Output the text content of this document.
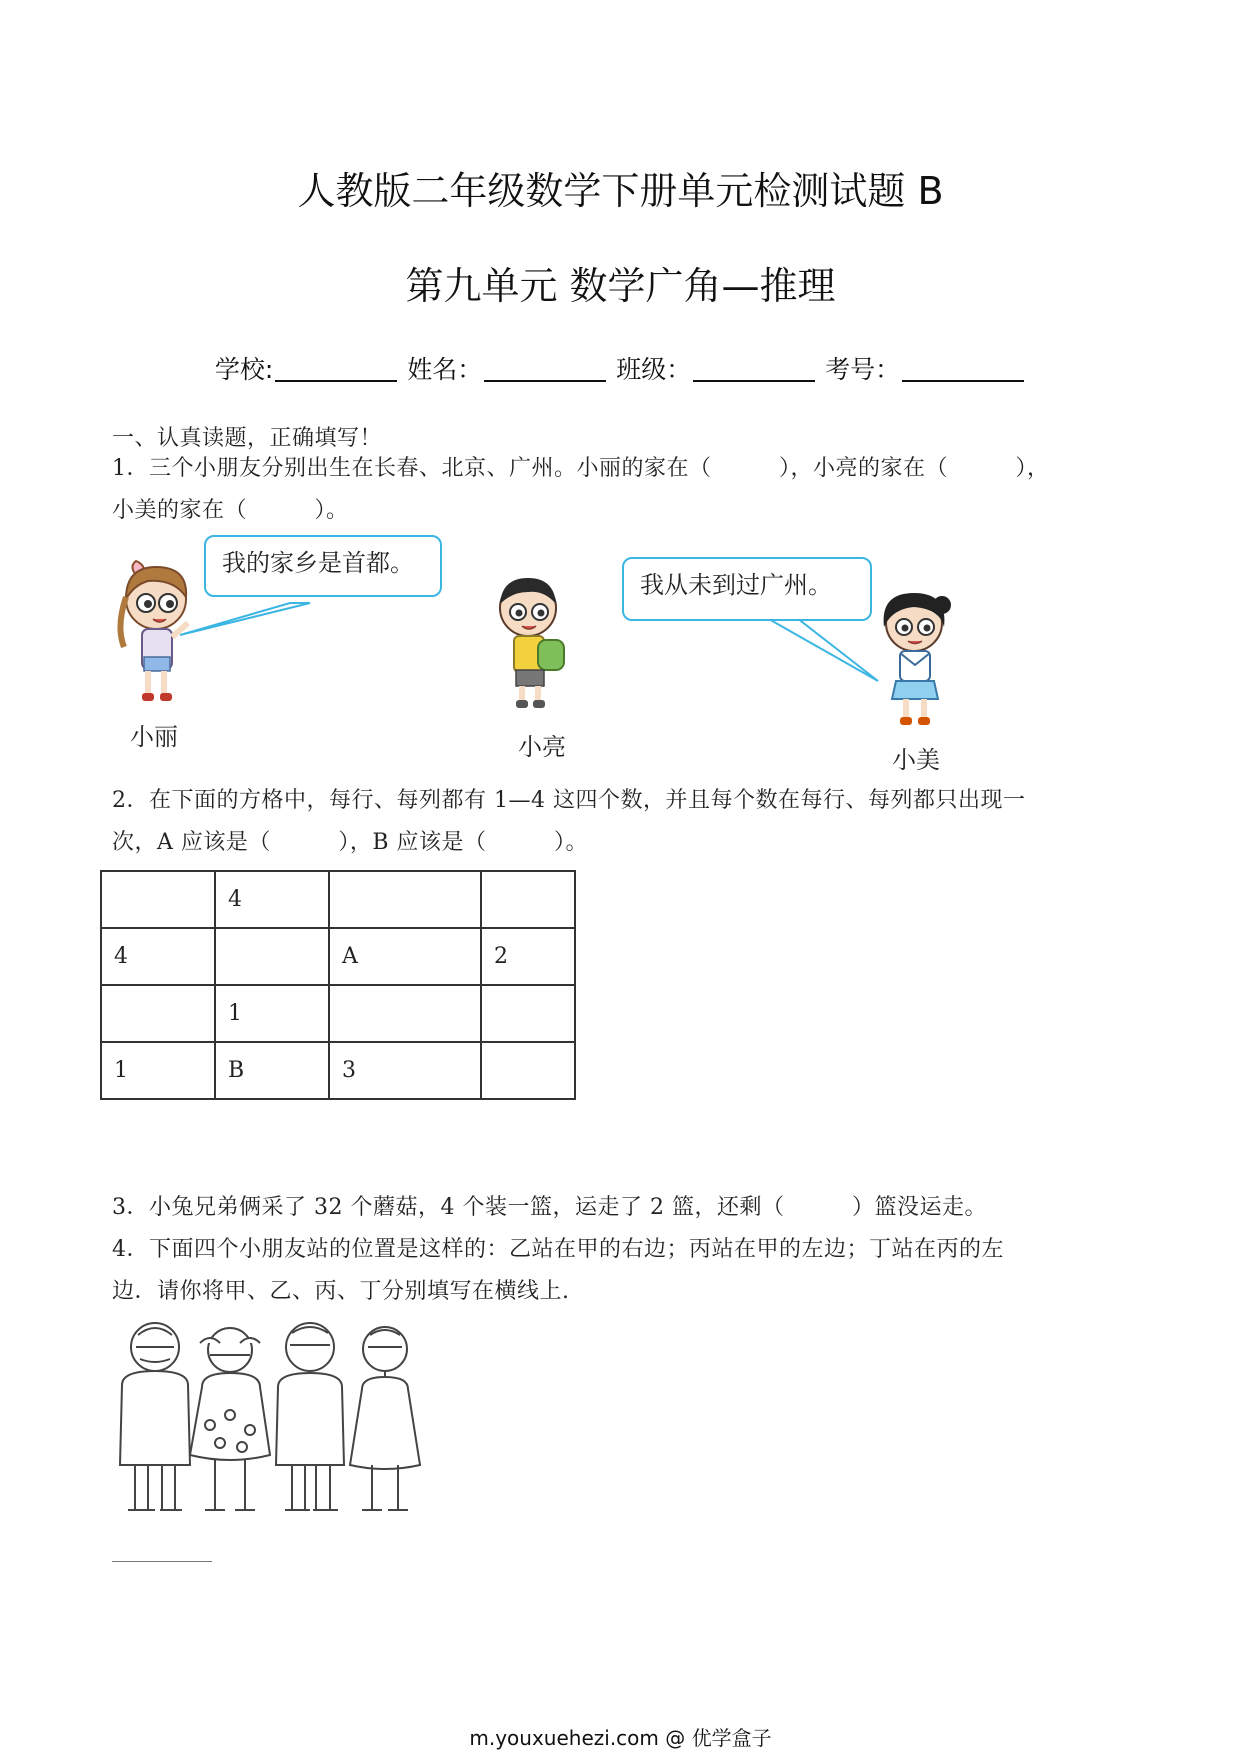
人教版二年级数学下册单元检测试题 B
第九单元 数学广角—推理
学校:	姓名：	班级：	考号：
一、认真读题，正确填写！
1．三个小朋友分别出生在长春、北京、广州。小丽的家在（　　　），小亮的家在（　　　），
小美的家在（　　　）。
我的家乡是首都。
我从未到过广州。
小丽	小亮	小美
2．在下面的方格中，每行、每列都有 1—4 这四个数，并且每个数在每行、每列都只出现一
次，A 应该是（　　　），B 应该是（　　　）。
	4		
4		A	2
	1		
1	B	3	
3．小兔兄弟俩采了 32 个蘑菇，4 个装一篮，运走了 2 篮，还剩（　　　）篮没运走。
4．下面四个小朋友站的位置是这样的：乙站在甲的右边；丙站在甲的左边；丁站在丙的左
边．请你将甲、乙、丙、丁分别填写在横线上.
m.youxuehezi.com @ 优学盒子
